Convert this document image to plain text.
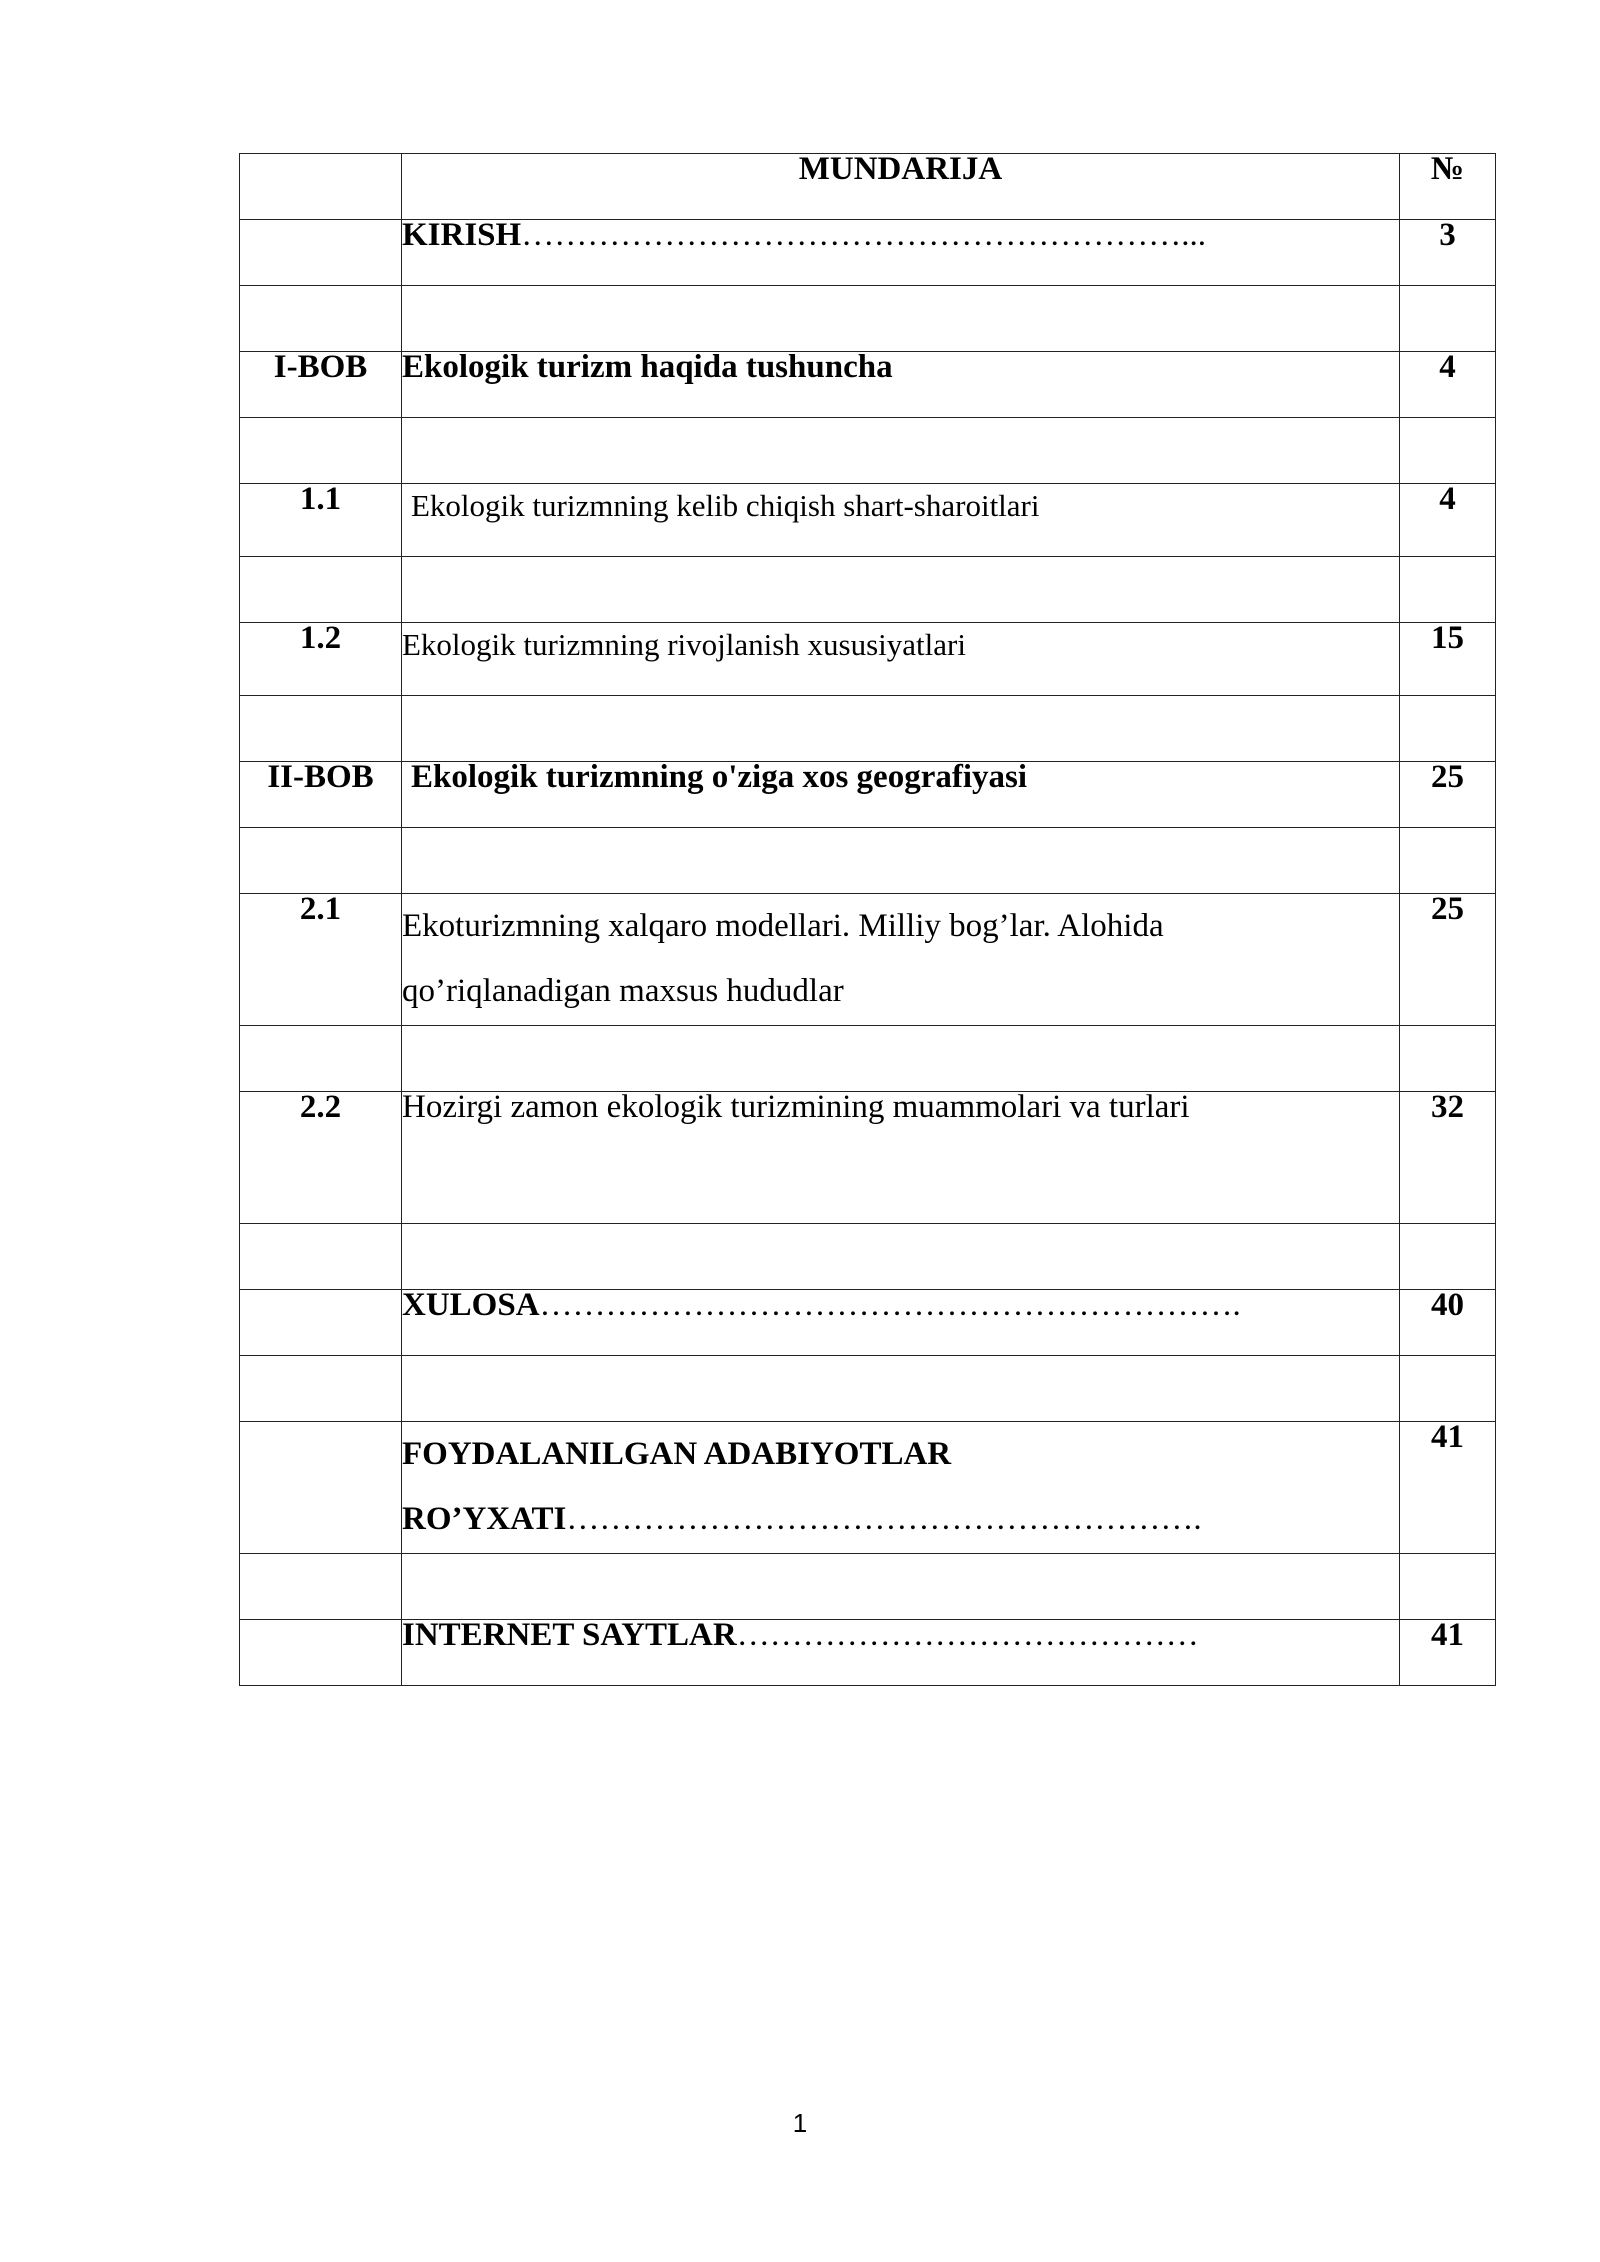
	MUNDARIJA	№
	KIRISH……………………………………………………...	3

I-BOB	Ekologik turizm haqida tushuncha	4

1.1	Ekologik turizmning kelib chiqish shart-sharoitlari	4

1.2	Ekologik turizmning rivojlanish xususiyatlari	15

II-BOB	Ekologik turizmning o'ziga xos geografiyasi	25

2.1	Ekoturizmning xalqaro modellari. Milliy bog’lar. Alohida
qo’riqlanadigan maxsus hududlar	25

2.2	Hozirgi zamon ekologik turizmining muammolari va turlari	32

	XULOSA……………………………………………………….	40

	FOYDALANILGAN ADABIYOTLAR
RO’YXATI………………………………………………….	41

	INTERNET SAYTLAR……………………………………	41
1
